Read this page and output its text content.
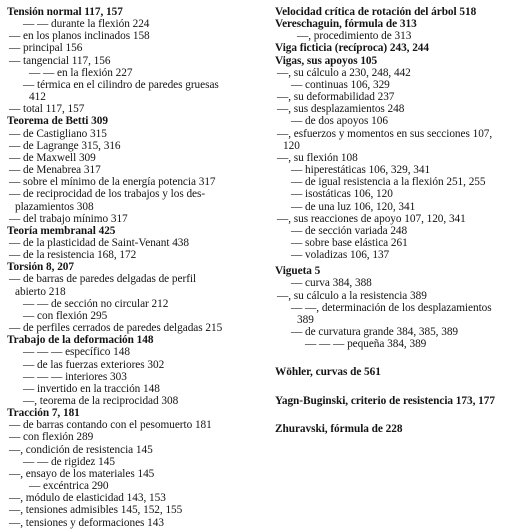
Tensión normal 117, 157
— — durante la flexión 224
— en los planos inclinados 158
— principal 156
— tangencial 117, 156
— — en la flexión 227
— térmica en el cilindro de paredes gruesas
412
— total 117, 157
Teorema de Betti 309
— de Castigliano 315
— de Lagrange 315, 316
— de Maxwell 309
— de Menabrea 317
— sobre el mínimo de la energía potencia 317
— de reciprocidad de los trabajos y los des-
plazamientos 308
— del trabajo mínimo 317
Teoría membranal 425
— de la plasticidad de Saint-Venant 438
— de la resistencia 168, 172
Torsión 8, 207
— de barras de paredes delgadas de perfil
abierto 218
— — de sección no circular 212
— con flexión 295
— de perfiles cerrados de paredes delgadas 215
Trabajo de la deformación 148
— — — específico 148
— de las fuerzas exteriores 302
— — — interiores 303
— invertido en la tracción 148
—, teorema de la reciprocidad 308
Tracción 7, 181
— de barras contando con el pesomuerto 181
— con flexión 289
—, condición de resistencia 145
— — de rigidez 145
—, ensayo de los materiales 145
— excéntrica 290
—, módulo de elasticidad 143, 153
—, tensiones admisibles 145, 152, 155
—, tensiones y deformaciones 143
Velocidad crítica de rotación del árbol 518
Vereschaguin, fórmula de 313
—, procedimiento de 313
Viga ficticia (recíproca) 243, 244
Vigas, sus apoyos 105
—, su cálculo a 230, 248, 442
— continuas 106, 329
—, su deformabilidad 237
—, sus desplazamientos 248
— de dos apoyos 106
—, esfuerzos y momentos en sus secciones 107,
120
—, su flexión 108
— hiperestáticas 106, 329, 341
— de igual resistencia a la flexión 251, 255
— isostáticas 106, 120
— de una luz 106, 120, 341
—, sus reacciones de apoyo 107, 120, 341
— de sección variada 248
— sobre base elástica 261
— voladizas 106, 137
Vigueta 5
— curva 384, 388
—, su cálculo a la resistencia 389
— —, determinación de los desplazamientos
389
— de curvatura grande 384, 385, 389
— — — pequeña 384, 389
Wöhler, curvas de 561
Yagn-Buginski, criterio de resistencia 173, 177
Zhuravski, fórmula de 228
